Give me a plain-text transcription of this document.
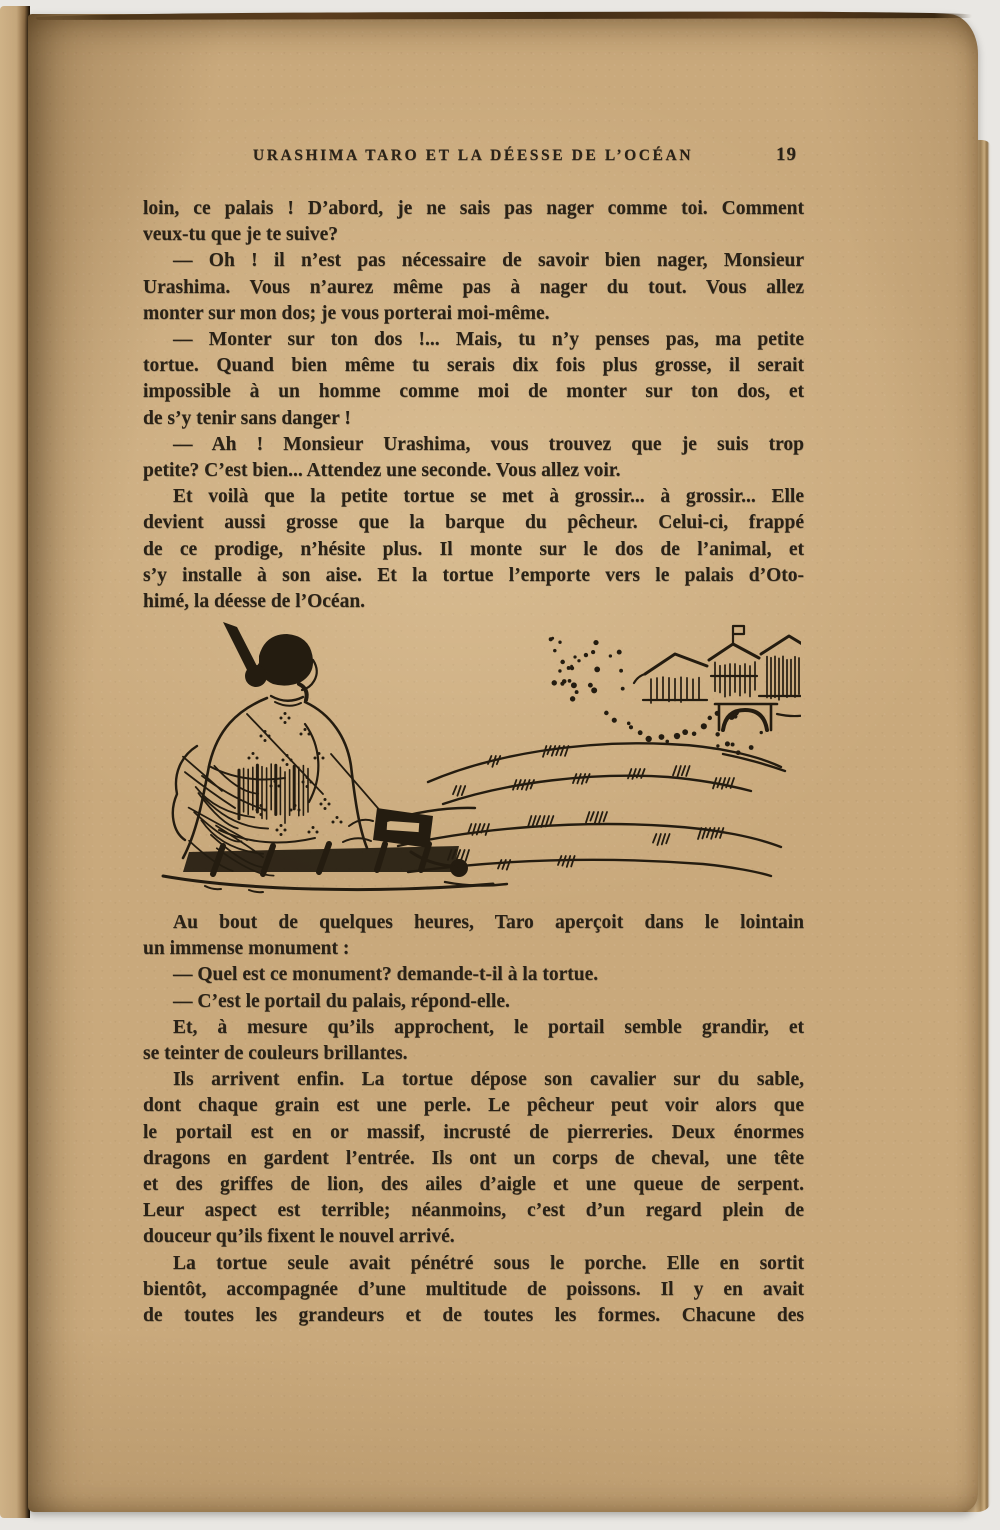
URASHIMA TARO ET LA DÉESSE DE L’OCÉAN	19
loin, ce palais ! D’abord, je ne sais pas nager comme toi. Comment
veux-tu que je te suive?
— Oh ! il n’est pas nécessaire de savoir bien nager, Monsieur
Urashima. Vous n’aurez même pas à nager du tout. Vous allez
monter sur mon dos; je vous porterai moi-même.
— Monter sur ton dos !... Mais, tu n’y penses pas, ma petite
tortue. Quand bien même tu serais dix fois plus grosse, il serait
impossible à un homme comme moi de monter sur ton dos, et
de s’y tenir sans danger !
— Ah ! Monsieur Urashima, vous trouvez que je suis trop
petite? C’est bien... Attendez une seconde. Vous allez voir.
Et voilà que la petite tortue se met à grossir... à grossir... Elle
devient aussi grosse que la barque du pêcheur. Celui-ci, frappé
de ce prodige, n’hésite plus. Il monte sur le dos de l’animal, et
s’y installe à son aise. Et la tortue l’emporte vers le palais d’Oto-
himé, la déesse de l’Océan.
Au bout de quelques heures, Taro aperçoit dans le lointain
un immense monument :
— Quel est ce monument? demande-t-il à la tortue.
— C’est le portail du palais, répond-elle.
Et, à mesure qu’ils approchent, le portail semble grandir, et
se teinter de couleurs brillantes.
Ils arrivent enfin. La tortue dépose son cavalier sur du sable,
dont chaque grain est une perle. Le pêcheur peut voir alors que
le portail est en or massif, incrusté de pierreries. Deux énormes
dragons en gardent l’entrée. Ils ont un corps de cheval, une tête
et des griffes de lion, des ailes d’aigle et une queue de serpent.
Leur aspect est terrible; néanmoins, c’est d’un regard plein de
douceur qu’ils fixent le nouvel arrivé.
La tortue seule avait pénétré sous le porche. Elle en sortit
bientôt, accompagnée d’une multitude de poissons. Il y en avait
de toutes les grandeurs et de toutes les formes. Chacune des
